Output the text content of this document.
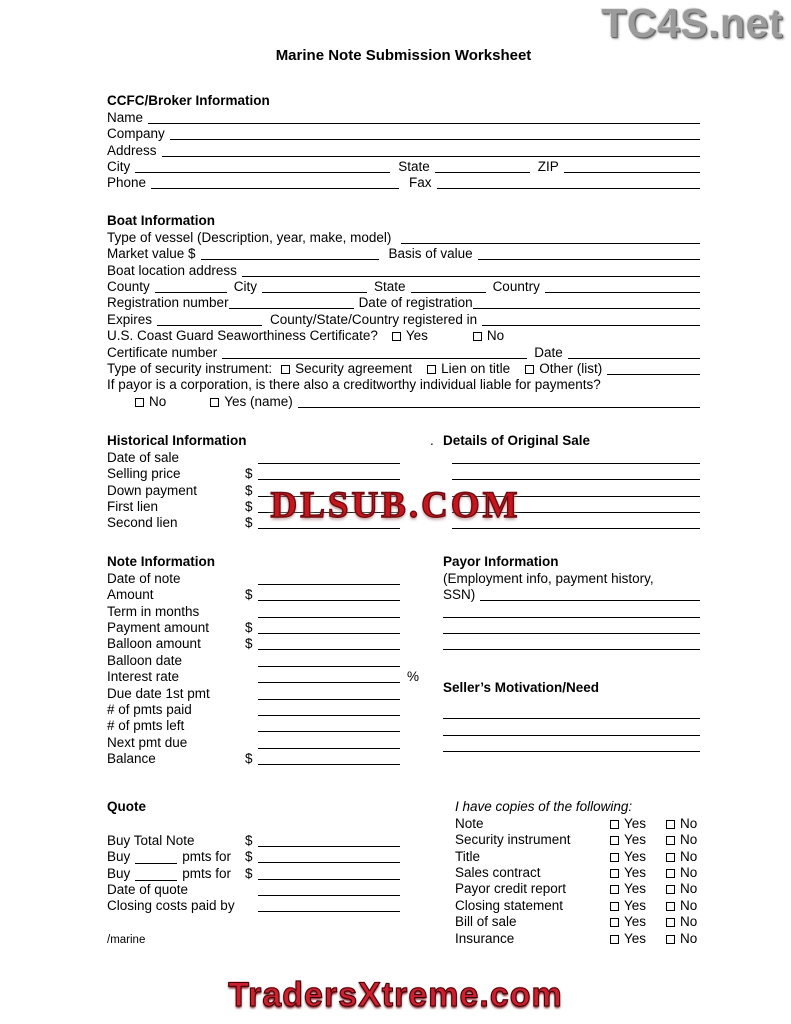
TC4S.net
Marine Note Submission Worksheet
CCFC/Broker Information
Name
Company
Address
City	State	ZIP
Phone	Fax
Boat Information
Type of vessel (Description, year, make, model)
Market value $	Basis of value
Boat location address
County	City	State	Country
Registration number	Date of registration
Expires	County/State/Country registered in
U.S. Coast Guard Seaworthiness Certificate? Yes	No
Certificate number	Date
Type of security instrument: Security agreement Lien on title Other (list)
If payor is a corporation, is there also a creditworthy individual liable for payments?
No	Yes (name)
Historical Information	. Details of Original Sale
Date of sale
Selling price	$
Down payment	$
First lien	$
Second lien	$ DLSUB.COM
Note Information
Date of note
Amount	$
Term in months
Payment amount	$
Balloon amount	$
Balloon date
Interest rate	%
Due date 1st pmt
# of pmts paid
# of pmts left
Next pmt due
Balance	$
Payor Information
(Employment info, payment history,
SSN)
Seller’s Motivation/Need
Quote
Buy Total Note	$
Buy	pmts for $
Buy	pmts for $
Date of quote
Closing costs paid by
/marine
I have copies of the following:
Note	Yes	No
Security instrument	Yes	No
Title	Yes	No
Sales contract	Yes	No
Payor credit report	Yes	No
Closing statement	Yes	No
Bill of sale	Yes	No
Insurance	Yes	No
TradersXtreme.com
